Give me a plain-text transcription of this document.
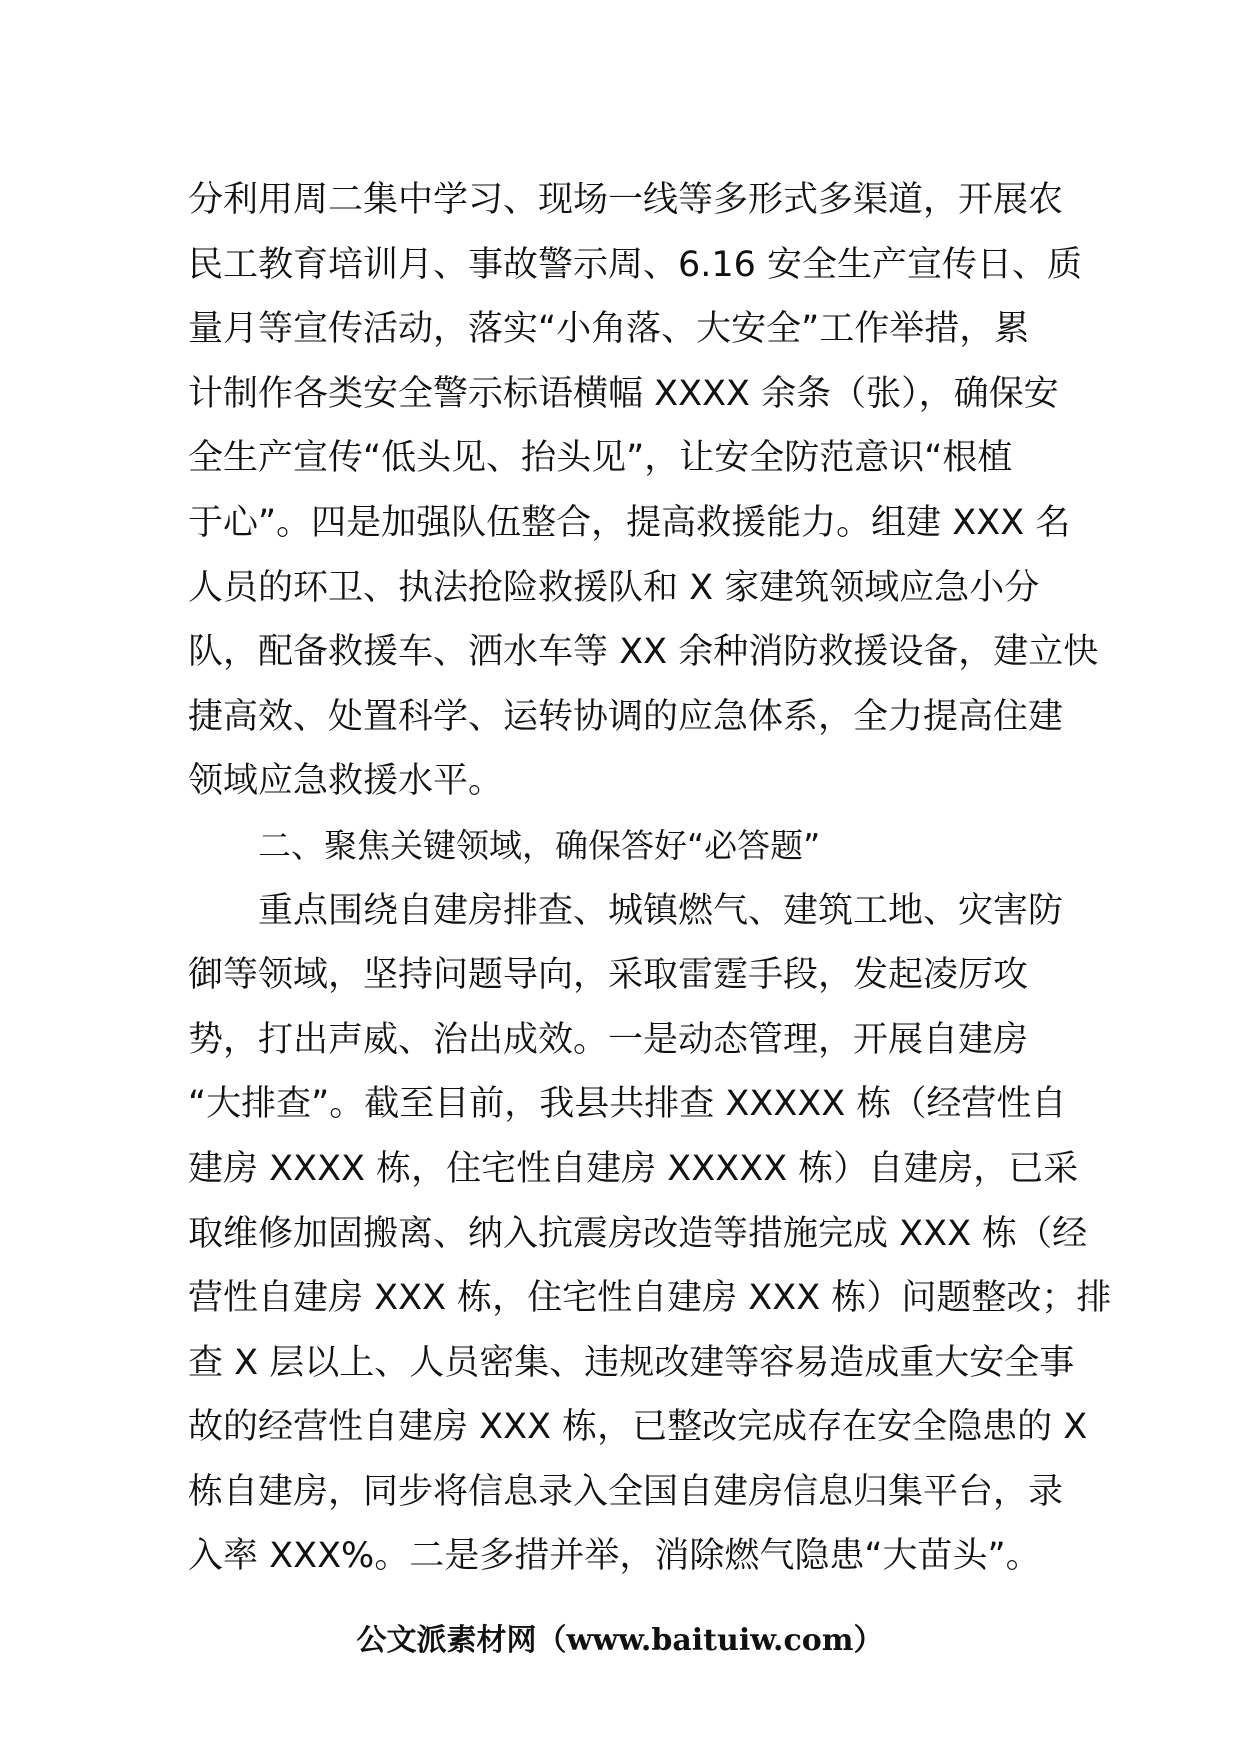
分利用周二集中学习、现场一线等多形式多渠道，开展农
民工教育培训月、事故警示周、6.16 安全生产宣传日、质
量月等宣传活动，落实“小角落、大安全”工作举措，累
计制作各类安全警示标语横幅 XXXX 余条（张），确保安
全生产宣传“低头见、抬头见”，让安全防范意识“根植
于心”。四是加强队伍整合，提高救援能力。组建 XXX 名
人员的环卫、执法抢险救援队和 X 家建筑领域应急小分
队，配备救援车、洒水车等 XX 余种消防救援设备，建立快
捷高效、处置科学、运转协调的应急体系，全力提高住建
领域应急救援水平。
二、聚焦关键领域，确保答好“必答题”
重点围绕自建房排查、城镇燃气、建筑工地、灾害防
御等领域，坚持问题导向，采取雷霆手段，发起凌厉攻
势，打出声威、治出成效。一是动态管理，开展自建房
“大排查”。截至目前，我县共排查 XXXXX 栋（经营性自
建房 XXXX 栋，住宅性自建房 XXXXX 栋）自建房，已采
取维修加固搬离、纳入抗震房改造等措施完成 XXX 栋（经
营性自建房 XXX 栋，住宅性自建房 XXX 栋）问题整改；排
查 X 层以上、人员密集、违规改建等容易造成重大安全事
故的经营性自建房 XXX 栋，已整改完成存在安全隐患的 X
栋自建房，同步将信息录入全国自建房信息归集平台，录
入率 XXX%。二是多措并举，消除燃气隐患“大苗头”。
公文派素材网（www.baituiw.com）
